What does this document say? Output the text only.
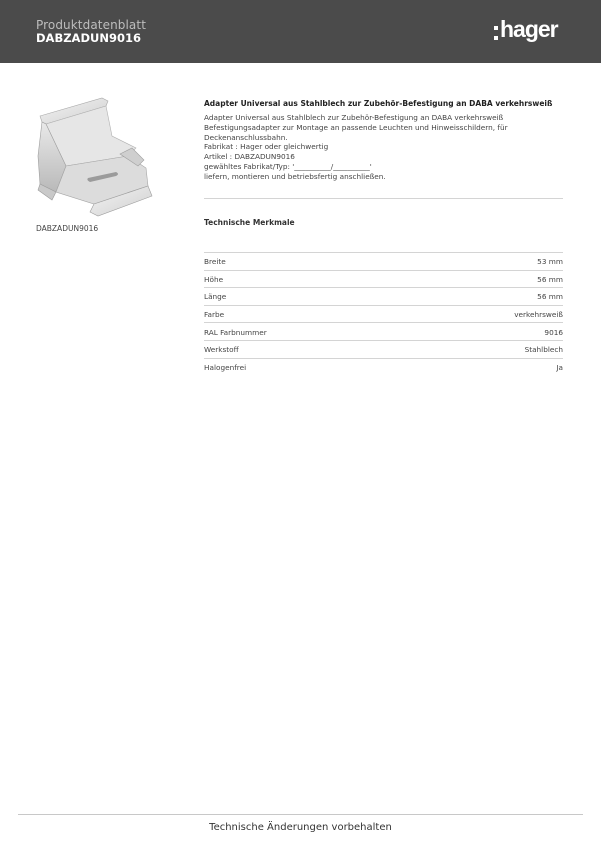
Produktdatenblatt
DABZADUN9016	hager
DABZADUN9016
Adapter Universal aus Stahlblech zur Zubehör-Befestigung an DABA verkehrsweiß
Adapter Universal aus Stahlblech zur Zubehör-Befestigung an DABA verkehrsweiß
Befestigungsadapter zur Montage an passende Leuchten und Hinweisschildern, für
Deckenanschlussbahn.
Fabrikat : Hager oder gleichwertig
Artikel : DABZADUN9016
gewähltes Fabrikat/Typ: '__________/__________'
liefern, montieren und betriebsfertig anschließen.
Technische Merkmale
Breite	53 mm
Höhe	56 mm
Länge	56 mm
Farbe	verkehrsweiß
RAL Farbnummer	9016
Werkstoff	Stahlblech
Halogenfrei	Ja
Technische Änderungen vorbehalten
